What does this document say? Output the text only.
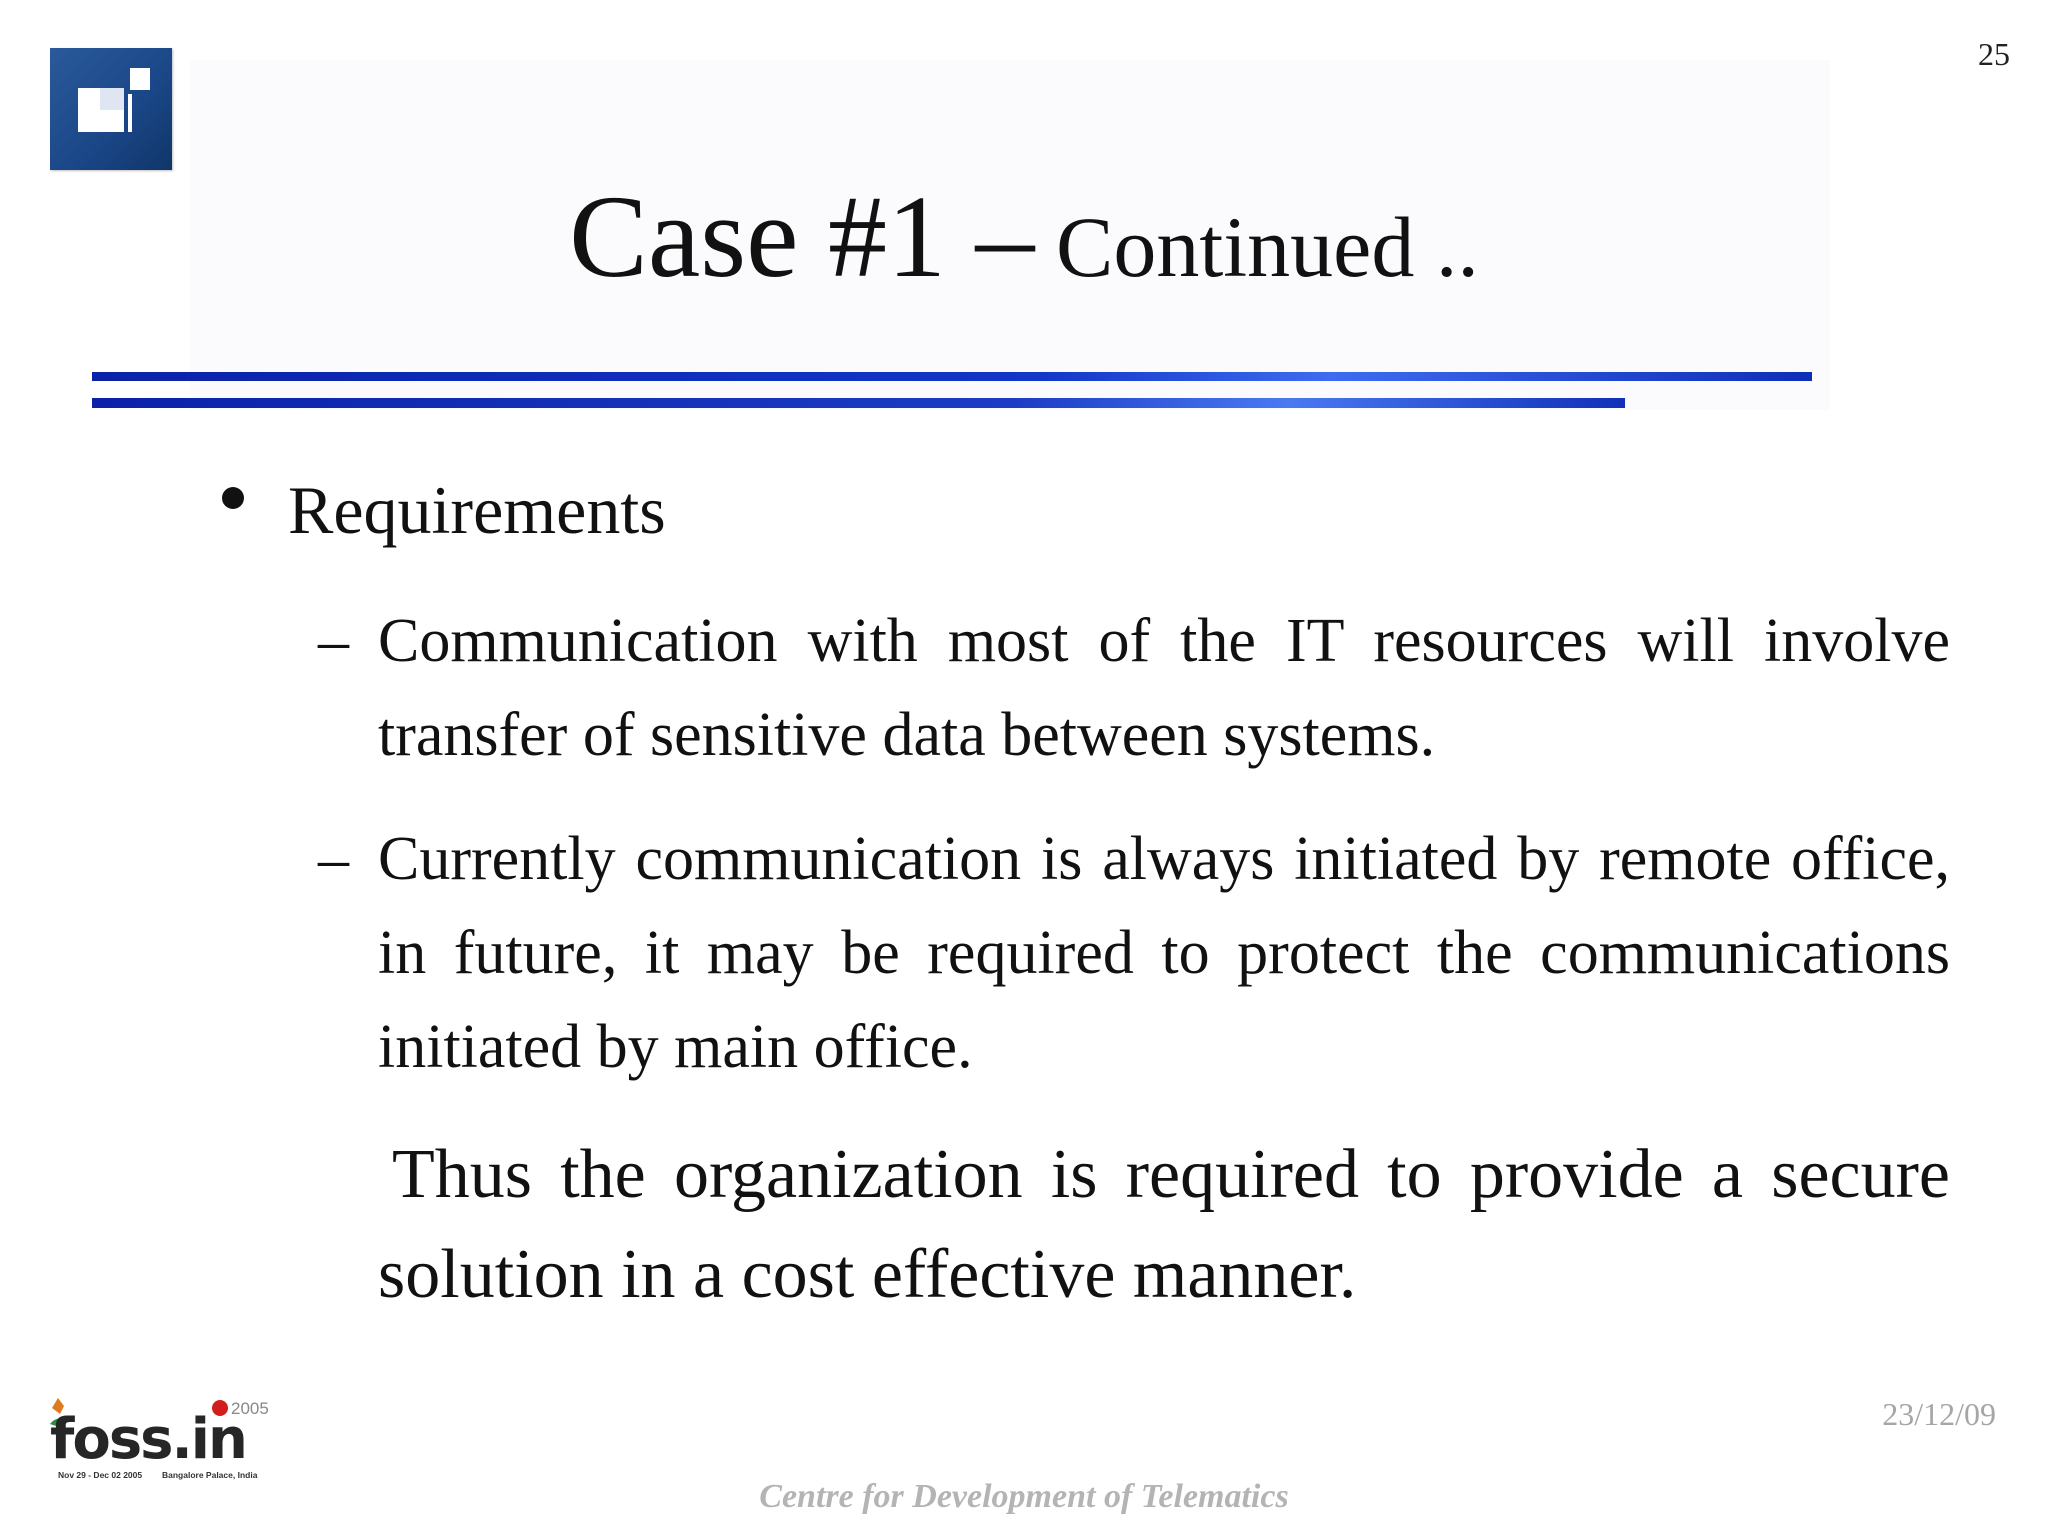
25
Case #1 – Continued ..
Requirements
– Communication with most of the IT resources will involve transfer of sensitive data between systems.
– Currently communication is always initiated by remote office, in future, it may be required to protect the communications initiated by main office.
Thus the organization is required to provide a secure solution in a cost effective manner.
2005
foss.in
Nov 29 - Dec 02 2005 Bangalore Palace, India
23/12/09
Centre for Development of Telematics
